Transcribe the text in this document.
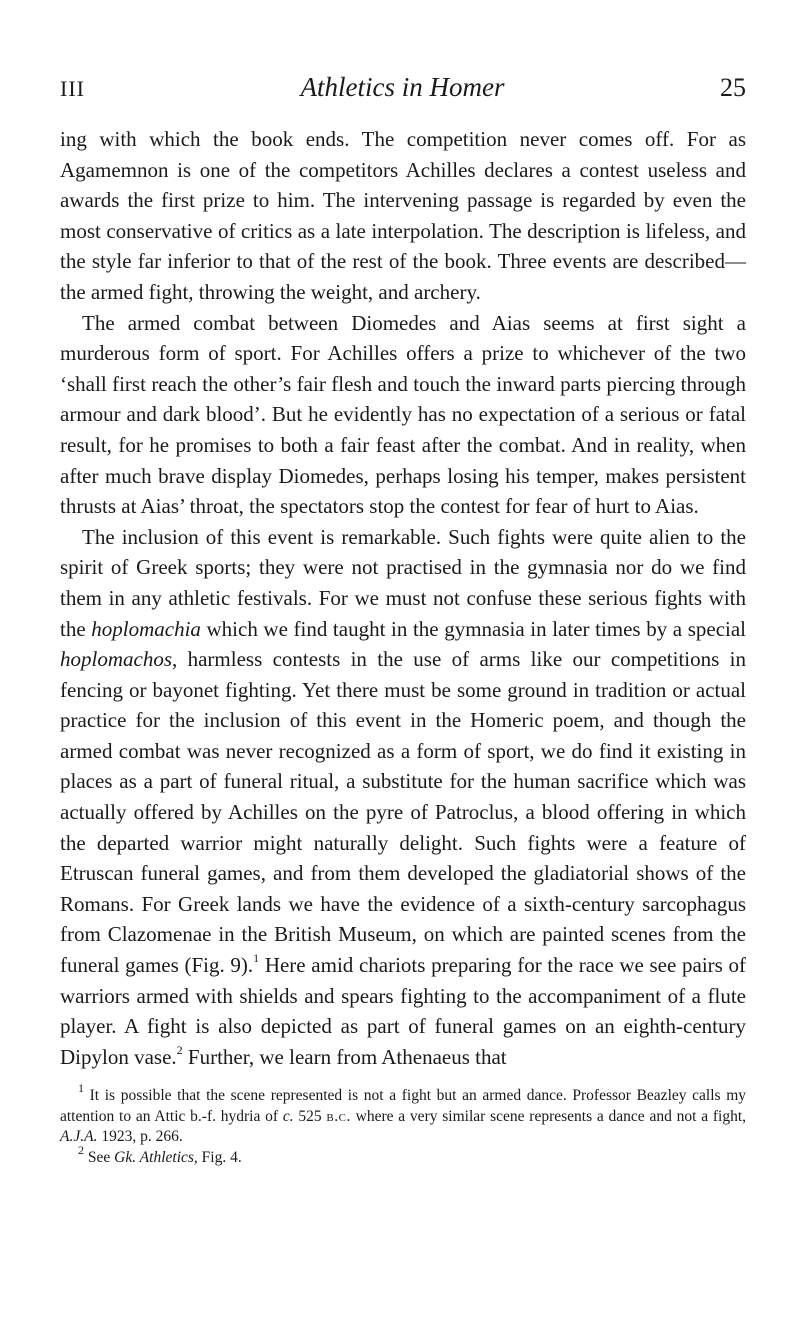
III	Athletics in Homer	25

ing with which the book ends. The competition never comes off. For as Agamemnon is one of the competitors Achilles declares a contest useless and awards the first prize to him. The intervening passage is regarded by even the most conservative of critics as a late interpolation. The description is lifeless, and the style far inferior to that of the rest of the book. Three events are described—the armed fight, throwing the weight, and archery.

The armed combat between Diomedes and Aias seems at first sight a murderous form of sport. For Achilles offers a prize to whichever of the two ‘shall first reach the other’s fair flesh and touch the inward parts piercing through armour and dark blood’. But he evidently has no expectation of a serious or fatal result, for he promises to both a fair feast after the combat. And in reality, when after much brave display Diomedes, perhaps losing his temper, makes persistent thrusts at Aias’ throat, the spectators stop the contest for fear of hurt to Aias.

The inclusion of this event is remarkable. Such fights were quite alien to the spirit of Greek sports; they were not practised in the gymnasia nor do we find them in any athletic festivals. For we must not confuse these serious fights with the hoplomachia which we find taught in the gymnasia in later times by a special hoplomachos, harmless contests in the use of arms like our competitions in fencing or bayonet fighting. Yet there must be some ground in tradition or actual practice for the inclusion of this event in the Homeric poem, and though the armed combat was never recognized as a form of sport, we do find it existing in places as a part of funeral ritual, a substitute for the human sacrifice which was actually offered by Achilles on the pyre of Patroclus, a blood offering in which the departed warrior might naturally delight. Such fights were a feature of Etruscan funeral games, and from them developed the gladiatorial shows of the Romans. For Greek lands we have the evidence of a sixth-century sarcophagus from Clazomenae in the British Museum, on which are painted scenes from the funeral games (Fig. 9).$^1$ Here amid chariots preparing for the race we see pairs of warriors armed with shields and spears fighting to the accompaniment of a flute player. A fight is also depicted as part of funeral games on an eighth-century Dipylon vase.$^2$ Further, we learn from Athenaeus that

$^1$ It is possible that the scene represented is not a fight but an armed dance. Professor Beazley calls my attention to an Attic b.-f. hydria of c. 525 b.c. where a very similar scene represents a dance and not a fight, A.J.A. 1923, p. 266.

$^2$ See Gk. Athletics, Fig. 4.
